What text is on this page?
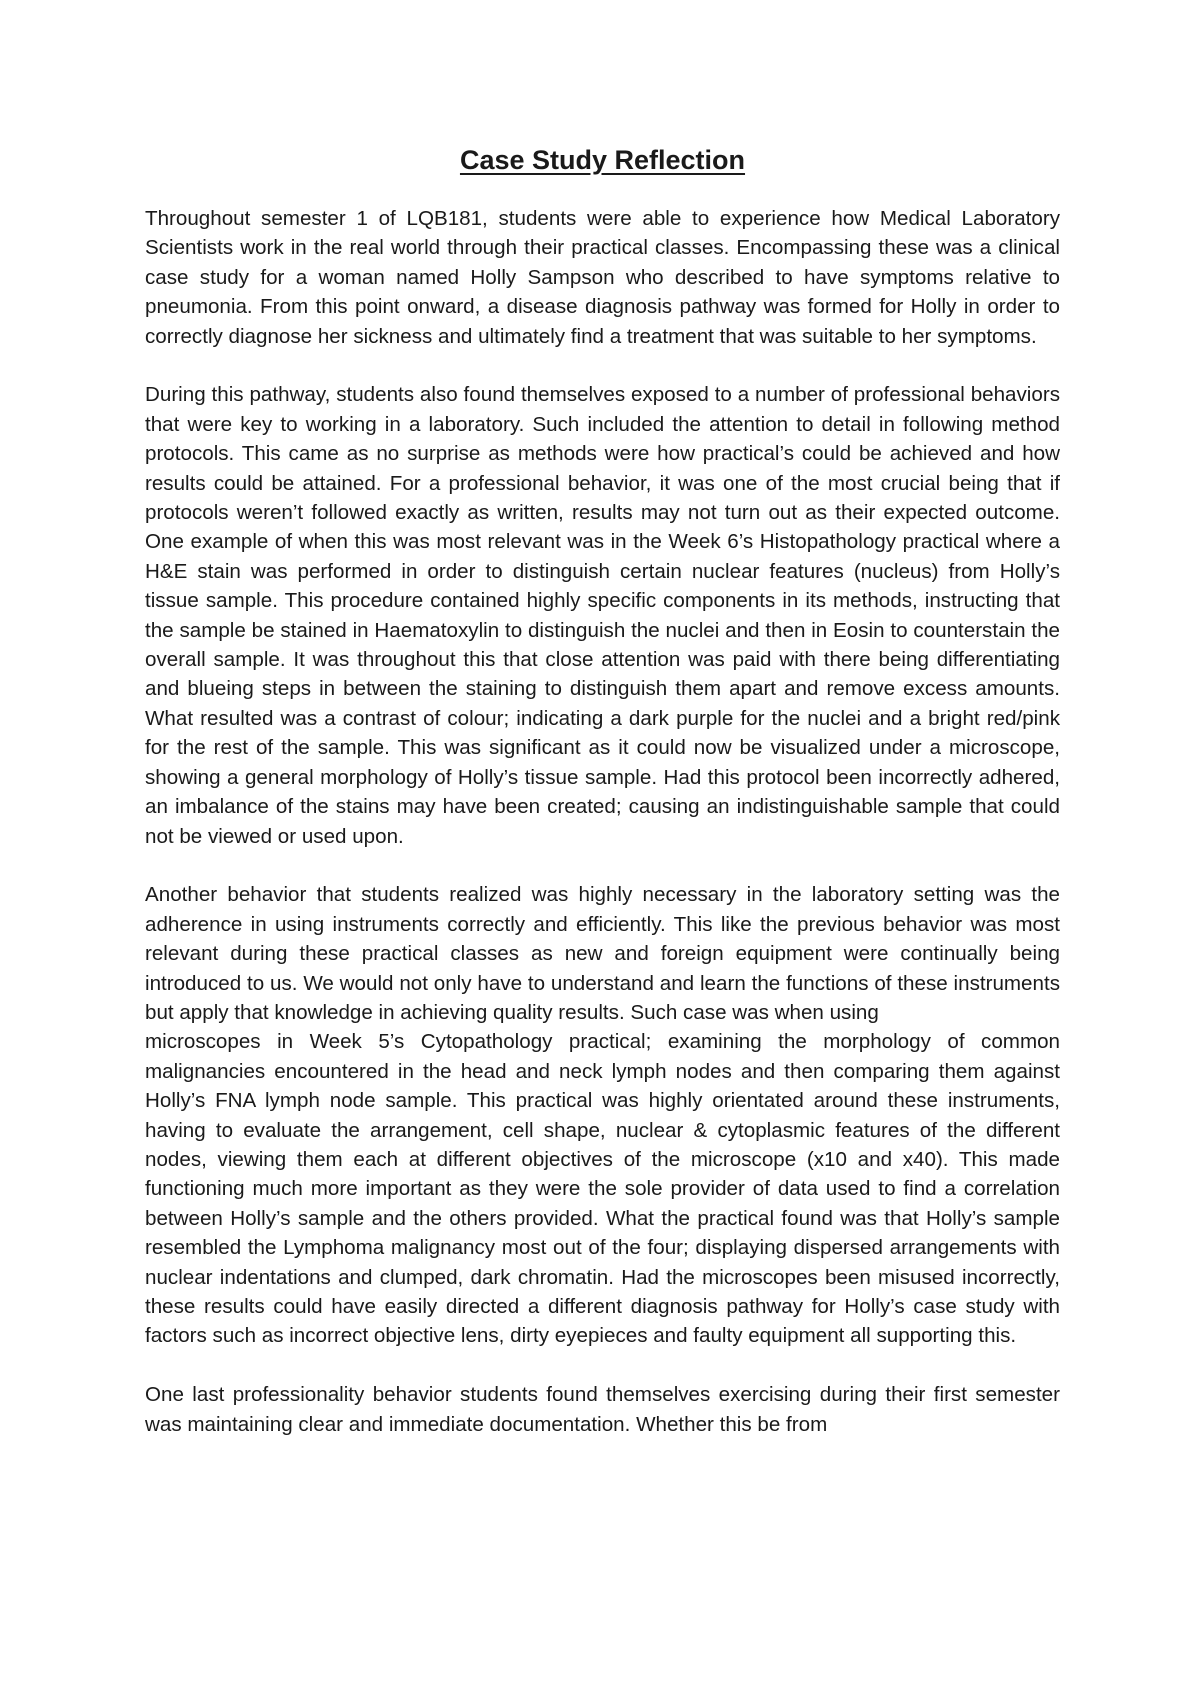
Case Study Reflection

Throughout semester 1 of LQB181, students were able to experience how Medical Laboratory Scientists work in the real world through their practical classes. Encompassing these was a clinical case study for a woman named Holly Sampson who described to have symptoms relative to pneumonia. From this point onward, a disease diagnosis pathway was formed for Holly in order to correctly diagnose her sickness and ultimately find a treatment that was suitable to her symptoms.

During this pathway, students also found themselves exposed to a number of professional behaviors that were key to working in a laboratory. Such included the attention to detail in following method protocols. This came as no surprise as methods were how practical’s could be achieved and how results could be attained. For a professional behavior, it was one of the most crucial being that if protocols weren’t followed exactly as written, results may not turn out as their expected outcome. One example of when this was most relevant was in the Week 6’s Histopathology practical where a H&E stain was performed in order to distinguish certain nuclear features (nucleus) from Holly’s tissue sample. This procedure contained highly specific components in its methods, instructing that the sample be stained in Haematoxylin to distinguish the nuclei and then in Eosin to counterstain the overall sample. It was throughout this that close attention was paid with there being differentiating and blueing steps in between the staining to distinguish them apart and remove excess amounts. What resulted was a contrast of colour; indicating a dark purple for the nuclei and a bright red/pink for the rest of the sample. This was significant as it could now be visualized under a microscope, showing a general morphology of Holly’s tissue sample. Had this protocol been incorrectly adhered, an imbalance of the stains may have been created; causing an indistinguishable sample that could not be viewed or used upon.

Another behavior that students realized was highly necessary in the laboratory setting was the adherence in using instruments correctly and efficiently. This like the previous behavior was most relevant during these practical classes as new and foreign equipment were continually being introduced to us. We would not only have to understand and learn the functions of these instruments but apply that knowledge in achieving quality results. Such case was when using

microscopes in Week 5’s Cytopathology practical; examining the morphology of common malignancies encountered in the head and neck lymph nodes and then comparing them against Holly’s FNA lymph node sample. This practical was highly orientated around these instruments, having to evaluate the arrangement, cell shape, nuclear & cytoplasmic features of the different nodes, viewing them each at different objectives of the microscope (x10 and x40). This made functioning much more important as they were the sole provider of data used to find a correlation between Holly’s sample and the others provided. What the practical found was that Holly’s sample resembled the Lymphoma malignancy most out of the four; displaying dispersed arrangements with nuclear indentations and clumped, dark chromatin. Had the microscopes been misused incorrectly, these results could have easily directed a different diagnosis pathway for Holly’s case study with factors such as incorrect objective lens, dirty eyepieces and faulty equipment all supporting this.

One last professionality behavior students found themselves exercising during their first semester was maintaining clear and immediate documentation. Whether this be from
